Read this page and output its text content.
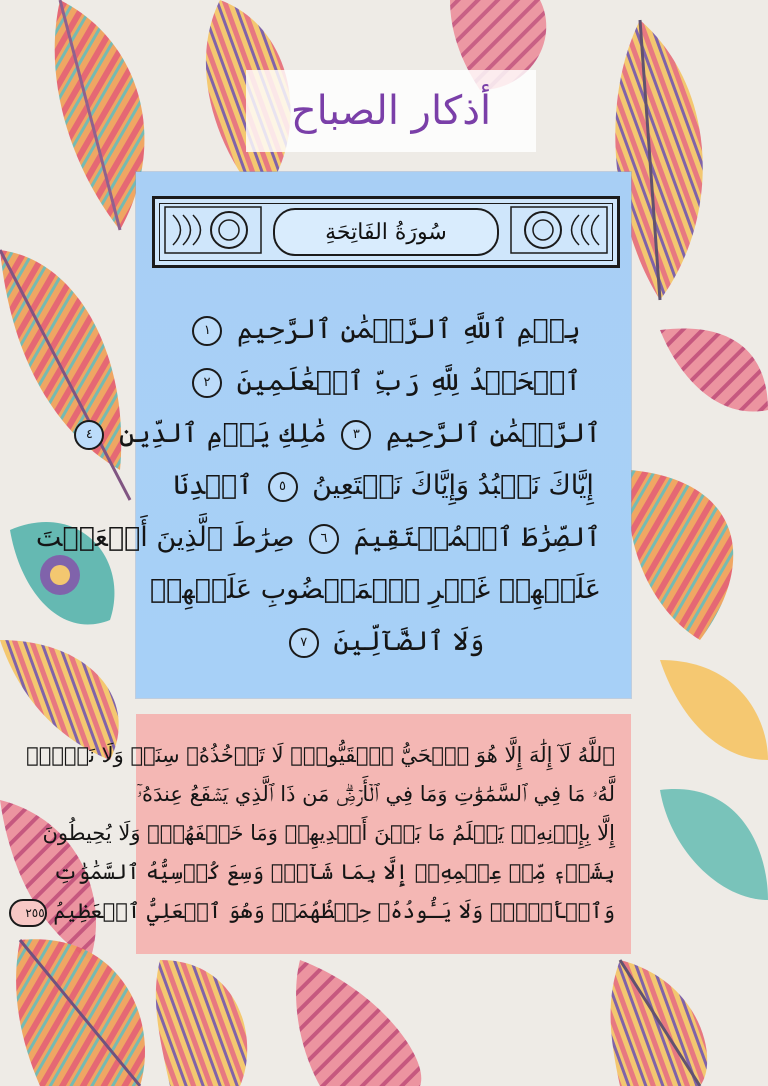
أذكار الصباح
سُورَةُ الفَاتِحَةِ
بِسۡمِ ٱللَّهِ ٱلرَّحۡمَٰنِ ٱلرَّحِيمِ ١
ٱلۡحَمۡدُ لِلَّهِ رَبِّ ٱلۡعَٰلَمِينَ ٢
ٱلرَّحۡمَٰنِ ٱلرَّحِيمِ ٣ مَٰلِكِ يَوۡمِ ٱلدِّينِ ٤
إِيَّاكَ نَعۡبُدُ وَإِيَّاكَ نَسۡتَعِينُ ٥ ٱهۡدِنَا
ٱلصِّرَٰطَ ٱلۡمُسۡتَقِيمَ ٦ صِرَٰطَ ٱلَّذِينَ أَنۡعَمۡتَ
عَلَيۡهِمۡ غَيۡرِ ٱلۡمَغۡضُوبِ عَلَيۡهِمۡ
وَلَا ٱلضَّآلِّينَ ٧
ٱللَّهُ لَآ إِلَٰهَ إِلَّا هُوَ ٱلۡحَيُّ ٱلۡقَيُّومُۚ لَا تَأۡخُذُهُۥ سِنَةٞ وَلَا نَوۡمٞۚ
لَّهُۥ مَا فِي ٱلسَّمَٰوَٰتِ وَمَا فِي ٱلۡأَرۡضِۗ مَن ذَا ٱلَّذِي يَشۡفَعُ عِندَهُۥٓ
إِلَّا بِإِذۡنِهِۦۚ يَعۡلَمُ مَا بَيۡنَ أَيۡدِيهِمۡ وَمَا خَلۡفَهُمۡۖ وَلَا يُحِيطُونَ
بِشَيۡءٖ مِّنۡ عِلۡمِهِۦٓ إِلَّا بِمَا شَآءَۚ وَسِعَ كُرۡسِيُّهُ ٱلسَّمَٰوَٰتِ
وَٱلۡأَرۡضَۖ وَلَا يَـُٔودُهُۥ حِفۡظُهُمَاۚ وَهُوَ ٱلۡعَلِيُّ ٱلۡعَظِيمُ ٢٥٥
